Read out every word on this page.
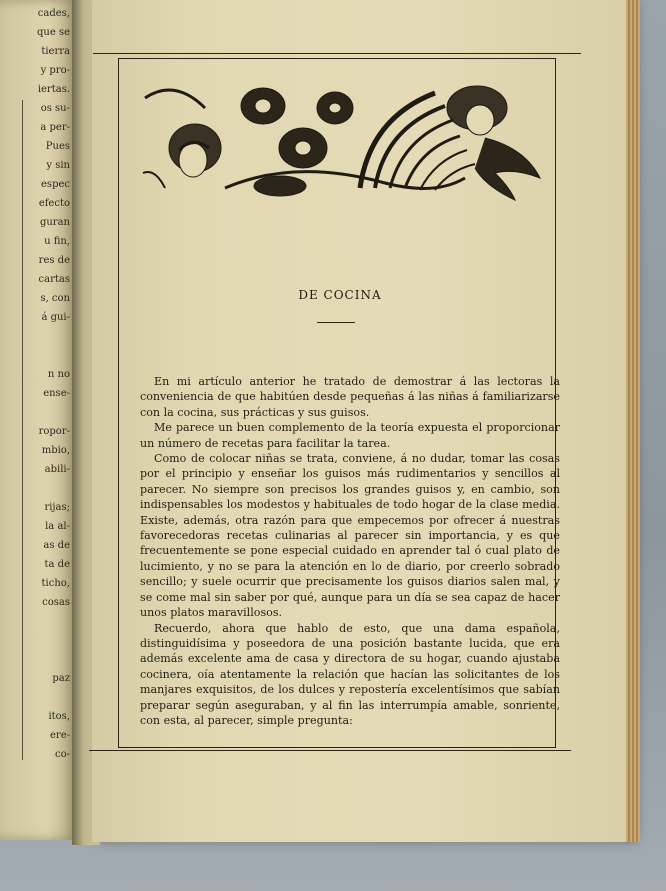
cades,
que se
tierra
y pro-
iertas.
os su-
a per-
Pues
y sin
espec
efecto
guran
u fin,
res de
cartas
s, con
á gui-
n no
ense-
ropor-
mbio,
abili-
rijas;
la al-
as de
ta de
ticho,
cosas
paz
itos,
ere-
co-
DE COCINA

En mi artículo anterior he tratado de demostrar á las lectoras la conveniencia de que habitúen desde pequeñas á las niñas á familiarizarse con la cocina, sus prácticas y sus guisos.

Me parece un buen complemento de la teoría expuesta el proporcionar un número de recetas para facilitar la tarea.

Como de colocar niñas se trata, conviene, á no dudar, tomar las cosas por el principio y enseñar los guisos más rudimentarios y sencillos al parecer. No siempre son precisos los grandes guisos y, en cambio, son indispensables los modestos y habituales de todo hogar de la clase media. Existe, además, otra razón para que empecemos por ofrecer á nuestras favorecedoras recetas culinarias al parecer sin importancia, y es que frecuentemente se pone especial cuidado en aprender tal ó cual plato de lucimiento, y no se para la atención en lo de diario, por creerlo sobrado sencillo; y suele ocurrir que precisamente los guisos diarios salen mal, y se come mal sin saber por qué, aunque para un día se sea capaz de hacer unos platos maravillosos.

Recuerdo, ahora que hablo de esto, que una dama española, distinguidísima y poseedora de una posición bastante lucida, que era además excelente ama de casa y directora de su hogar, cuando ajustaba cocinera, oía atentamente la relación que hacían las solicitantes de los manjares exquisitos, de los dulces y repostería excelentísimos que sabían preparar según aseguraban, y al fin las interrumpía amable, sonriente, con esta, al parecer, simple pregunta:
